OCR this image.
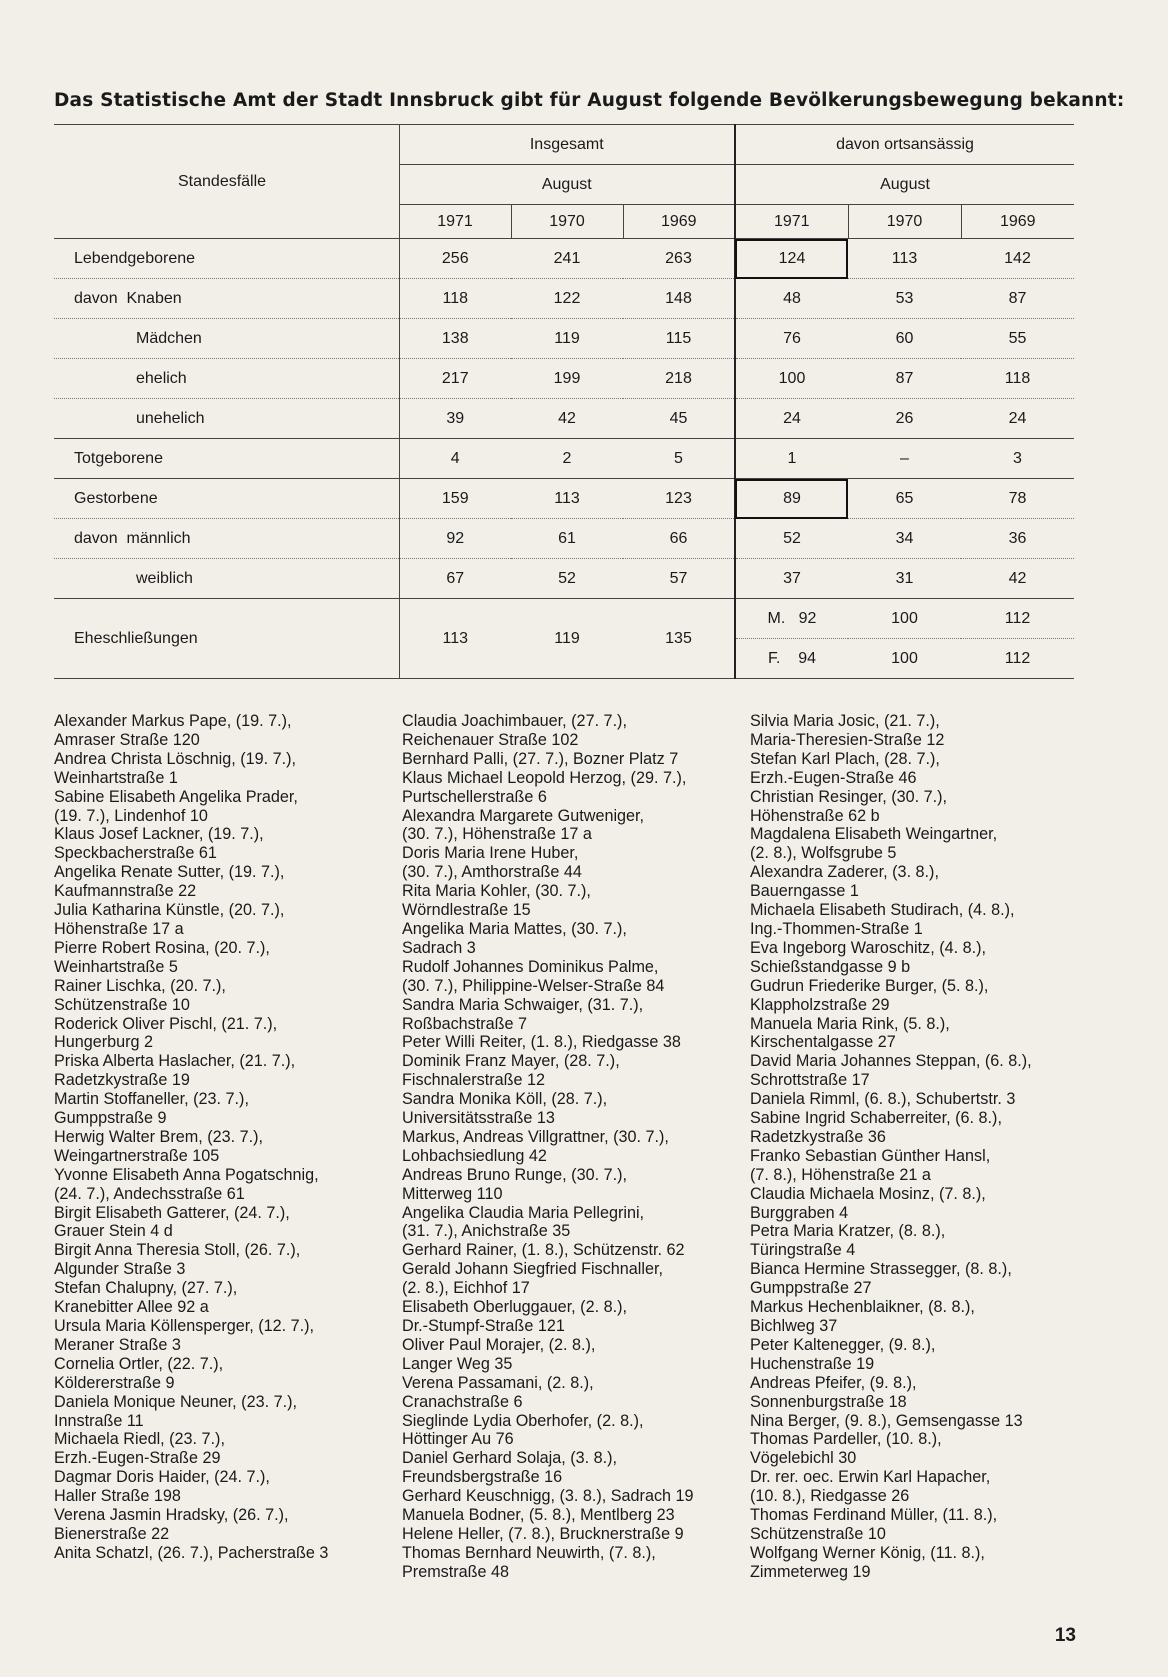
Das Statistische Amt der Stadt Innsbruck gibt für August folgende Bevölkerungsbewegung bekannt:
Standesfälle	Insgesamt			davon ortsansässig		
	August			August		
	1971	1970	1969	1971	1970	1969
Lebendgeborene	256	241	263	124	113	142
davon Knaben	118	122	148	48	53	87
Mädchen	138	119	115	76	60	55
ehelich	217	199	218	100	87	118
unehelich	39	42	45	24	26	24
Totgeborene	4	2	5	1	–	3
Gestorbene	159	113	123	89	65	78
davon männlich	92	61	66	52	34	36
weiblich	67	52	57	37	31	42
Eheschließungen	113	119	135	M. 92	100	112
				F. 94	100	112

Alexander Markus Pape, (19. 7.),
Amraser Straße 120
Andrea Christa Löschnig, (19. 7.),
Weinhartstraße 1
Sabine Elisabeth Angelika Prader,
(19. 7.), Lindenhof 10
Klaus Josef Lackner, (19. 7.),
Speckbacherstraße 61
Angelika Renate Sutter, (19. 7.),
Kaufmannstraße 22
Julia Katharina Künstle, (20. 7.),
Höhenstraße 17 a
Pierre Robert Rosina, (20. 7.),
Weinhartstraße 5
Rainer Lischka, (20. 7.),
Schützenstraße 10
Roderick Oliver Pischl, (21. 7.),
Hungerburg 2
Priska Alberta Haslacher, (21. 7.),
Radetzkystraße 19
Martin Stoffaneller, (23. 7.),
Gumppstraße 9
Herwig Walter Brem, (23. 7.),
Weingartnerstraße 105
Yvonne Elisabeth Anna Pogatschnig,
(24. 7.), Andechsstraße 61
Birgit Elisabeth Gatterer, (24. 7.),
Grauer Stein 4 d
Birgit Anna Theresia Stoll, (26. 7.),
Algunder Straße 3
Stefan Chalupny, (27. 7.),
Kranebitter Allee 92 a
Ursula Maria Köllensperger, (12. 7.),
Meraner Straße 3
Cornelia Ortler, (22. 7.),
Köldererstraße 9
Daniela Monique Neuner, (23. 7.),
Innstraße 11
Michaela Riedl, (23. 7.),
Erzh.-Eugen-Straße 29
Dagmar Doris Haider, (24. 7.),
Haller Straße 198
Verena Jasmin Hradsky, (26. 7.),
Bienerstraße 22
Anita Schatzl, (26. 7.), Pacherstraße 3
Claudia Joachimbauer, (27. 7.),
Reichenauer Straße 102
Bernhard Palli, (27. 7.), Bozner Platz 7
Klaus Michael Leopold Herzog, (29. 7.),
Purtschellerstraße 6
Alexandra Margarete Gutweniger,
(30. 7.), Höhenstraße 17 a
Doris Maria Irene Huber,
(30. 7.), Amthorstraße 44
Rita Maria Kohler, (30. 7.),
Wörndlestraße 15
Angelika Maria Mattes, (30. 7.),
Sadrach 3
Rudolf Johannes Dominikus Palme,
(30. 7.), Philippine-Welser-Straße 84
Sandra Maria Schwaiger, (31. 7.),
Roßbachstraße 7
Peter Willi Reiter, (1. 8.), Riedgasse 38
Dominik Franz Mayer, (28. 7.),
Fischnalerstraße 12
Sandra Monika Köll, (28. 7.),
Universitätsstraße 13
Markus, Andreas Villgrattner, (30. 7.),
Lohbachsiedlung 42
Andreas Bruno Runge, (30. 7.),
Mitterweg 110
Angelika Claudia Maria Pellegrini,
(31. 7.), Anichstraße 35
Gerhard Rainer, (1. 8.), Schützenstr. 62
Gerald Johann Siegfried Fischnaller,
(2. 8.), Eichhof 17
Elisabeth Oberluggauer, (2. 8.),
Dr.-Stumpf-Straße 121
Oliver Paul Morajer, (2. 8.),
Langer Weg 35
Verena Passamani, (2. 8.),
Cranachstraße 6
Sieglinde Lydia Oberhofer, (2. 8.),
Höttinger Au 76
Daniel Gerhard Solaja, (3. 8.),
Freundsbergstraße 16
Gerhard Keuschnigg, (3. 8.), Sadrach 19
Manuela Bodner, (5. 8.), Mentlberg 23
Helene Heller, (7. 8.), Brucknerstraße 9
Thomas Bernhard Neuwirth, (7. 8.),
Premstraße 48
Silvia Maria Josic, (21. 7.),
Maria-Theresien-Straße 12
Stefan Karl Plach, (28. 7.),
Erzh.-Eugen-Straße 46
Christian Resinger, (30. 7.),
Höhenstraße 62 b
Magdalena Elisabeth Weingartner,
(2. 8.), Wolfsgrube 5
Alexandra Zaderer, (3. 8.),
Bauerngasse 1
Michaela Elisabeth Studirach, (4. 8.),
Ing.-Thommen-Straße 1
Eva Ingeborg Waroschitz, (4. 8.),
Schießstandgasse 9 b
Gudrun Friederike Burger, (5. 8.),
Klappholzstraße 29
Manuela Maria Rink, (5. 8.),
Kirschentalgasse 27
David Maria Johannes Steppan, (6. 8.),
Schrottstraße 17
Daniela Rimml, (6. 8.), Schubertstr. 3
Sabine Ingrid Schaberreiter, (6. 8.),
Radetzkystraße 36
Franko Sebastian Günther Hansl,
(7. 8.), Höhenstraße 21 a
Claudia Michaela Mosinz, (7. 8.),
Burggraben 4
Petra Maria Kratzer, (8. 8.),
Türingstraße 4
Bianca Hermine Strassegger, (8. 8.),
Gumppstraße 27
Markus Hechenblaikner, (8. 8.),
Bichlweg 37
Peter Kaltenegger, (9. 8.),
Huchenstraße 19
Andreas Pfeifer, (9. 8.),
Sonnenburgstraße 18
Nina Berger, (9. 8.), Gemsengasse 13
Thomas Pardeller, (10. 8.),
Vögelebichl 30
Dr. rer. oec. Erwin Karl Hapacher,
(10. 8.), Riedgasse 26
Thomas Ferdinand Müller, (11. 8.),
Schützenstraße 10
Wolfgang Werner König, (11. 8.),
Zimmeterweg 19
13
